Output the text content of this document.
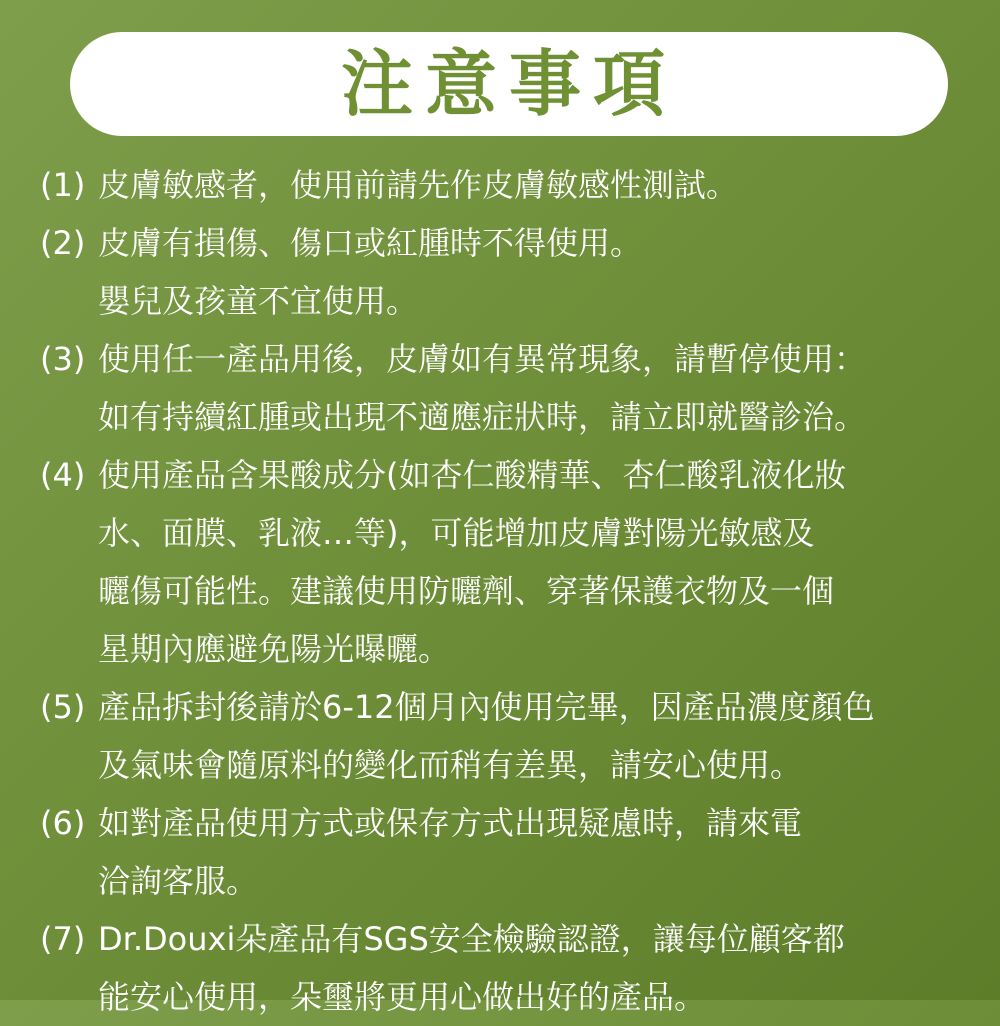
注意事項
(1) 皮膚敏感者，使用前請先作皮膚敏感性測試。
(2) 皮膚有損傷、傷口或紅腫時不得使用。
嬰兒及孩童不宜使用。
(3) 使用任一產品用後，皮膚如有異常現象，請暫停使用：
如有持續紅腫或出現不適應症狀時，請立即就醫診治。
(4) 使用產品含果酸成分(如杏仁酸精華、杏仁酸乳液化妝
水、面膜、乳液…等)，可能增加皮膚對陽光敏感及
曬傷可能性。建議使用防曬劑、穿著保護衣物及一個
星期內應避免陽光曝曬。
(5) 產品拆封後請於6-12個月內使用完畢，因產品濃度顏色
及氣味會隨原料的變化而稍有差異，請安心使用。
(6) 如對產品使用方式或保存方式出現疑慮時，請來電
洽詢客服。
(7) Dr.Douxi朵產品有SGS安全檢驗認證，讓每位顧客都
能安心使用，朵璽將更用心做出好的產品。
